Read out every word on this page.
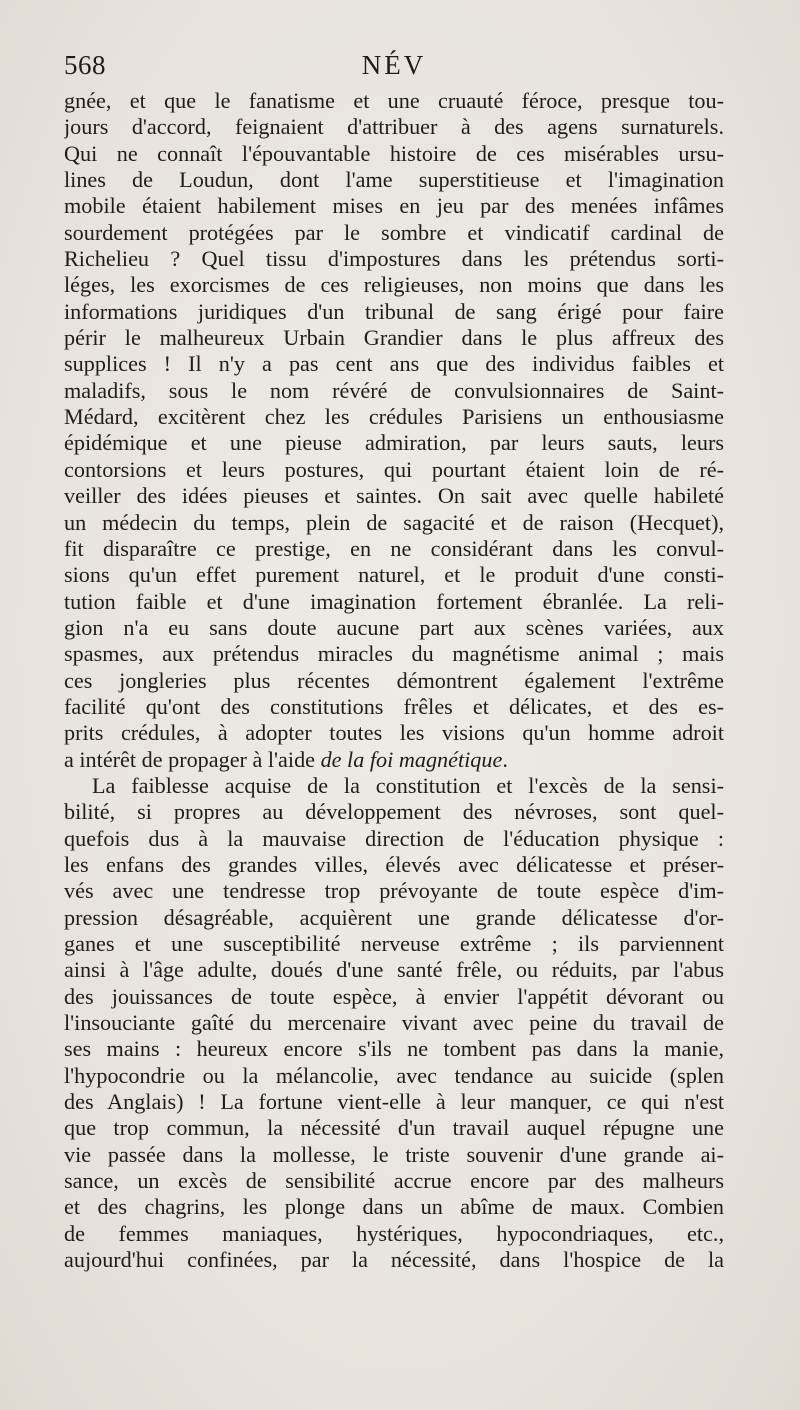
568	NÉV
gnée, et que le fanatisme et une cruauté féroce, presque tou-
jours d'accord, feignaient d'attribuer à des agens surnaturels.
Qui ne connaît l'épouvantable histoire de ces misérables ursu-
lines de Loudun, dont l'ame superstitieuse et l'imagination
mobile étaient habilement mises en jeu par des menées infâmes
sourdement protégées par le sombre et vindicatif cardinal de
Richelieu ? Quel tissu d'impostures dans les prétendus sorti-
léges, les exorcismes de ces religieuses, non moins que dans les
informations juridiques d'un tribunal de sang érigé pour faire
périr le malheureux Urbain Grandier dans le plus affreux des
supplices ! Il n'y a pas cent ans que des individus faibles et
maladifs, sous le nom révéré de convulsionnaires de Saint-
Médard, excitèrent chez les crédules Parisiens un enthousiasme
épidémique et une pieuse admiration, par leurs sauts, leurs
contorsions et leurs postures, qui pourtant étaient loin de ré-
veiller des idées pieuses et saintes. On sait avec quelle habileté
un médecin du temps, plein de sagacité et de raison (Hecquet),
fit disparaître ce prestige, en ne considérant dans les convul-
sions qu'un effet purement naturel, et le produit d'une consti-
tution faible et d'une imagination fortement ébranlée. La reli-
gion n'a eu sans doute aucune part aux scènes variées, aux
spasmes, aux prétendus miracles du magnétisme animal ; mais
ces jongleries plus récentes démontrent également l'extrême
facilité qu'ont des constitutions frêles et délicates, et des es-
prits crédules, à adopter toutes les visions qu'un homme adroit
a intérêt de propager à l'aide de la foi magnétique.
La faiblesse acquise de la constitution et l'excès de la sensi-
bilité, si propres au développement des névroses, sont quel-
quefois dus à la mauvaise direction de l'éducation physique :
les enfans des grandes villes, élevés avec délicatesse et préser-
vés avec une tendresse trop prévoyante de toute espèce d'im-
pression désagréable, acquièrent une grande délicatesse d'or-
ganes et une susceptibilité nerveuse extrême ; ils parviennent
ainsi à l'âge adulte, doués d'une santé frêle, ou réduits, par l'abus
des jouissances de toute espèce, à envier l'appétit dévorant ou
l'insouciante gaîté du mercenaire vivant avec peine du travail de
ses mains : heureux encore s'ils ne tombent pas dans la manie,
l'hypocondrie ou la mélancolie, avec tendance au suicide (splen
des Anglais) ! La fortune vient-elle à leur manquer, ce qui n'est
que trop commun, la nécessité d'un travail auquel répugne une
vie passée dans la mollesse, le triste souvenir d'une grande ai-
sance, un excès de sensibilité accrue encore par des malheurs
et des chagrins, les plonge dans un abîme de maux. Combien
de femmes maniaques, hystériques, hypocondriaques, etc.,
aujourd'hui confinées, par la nécessité, dans l'hospice de la
